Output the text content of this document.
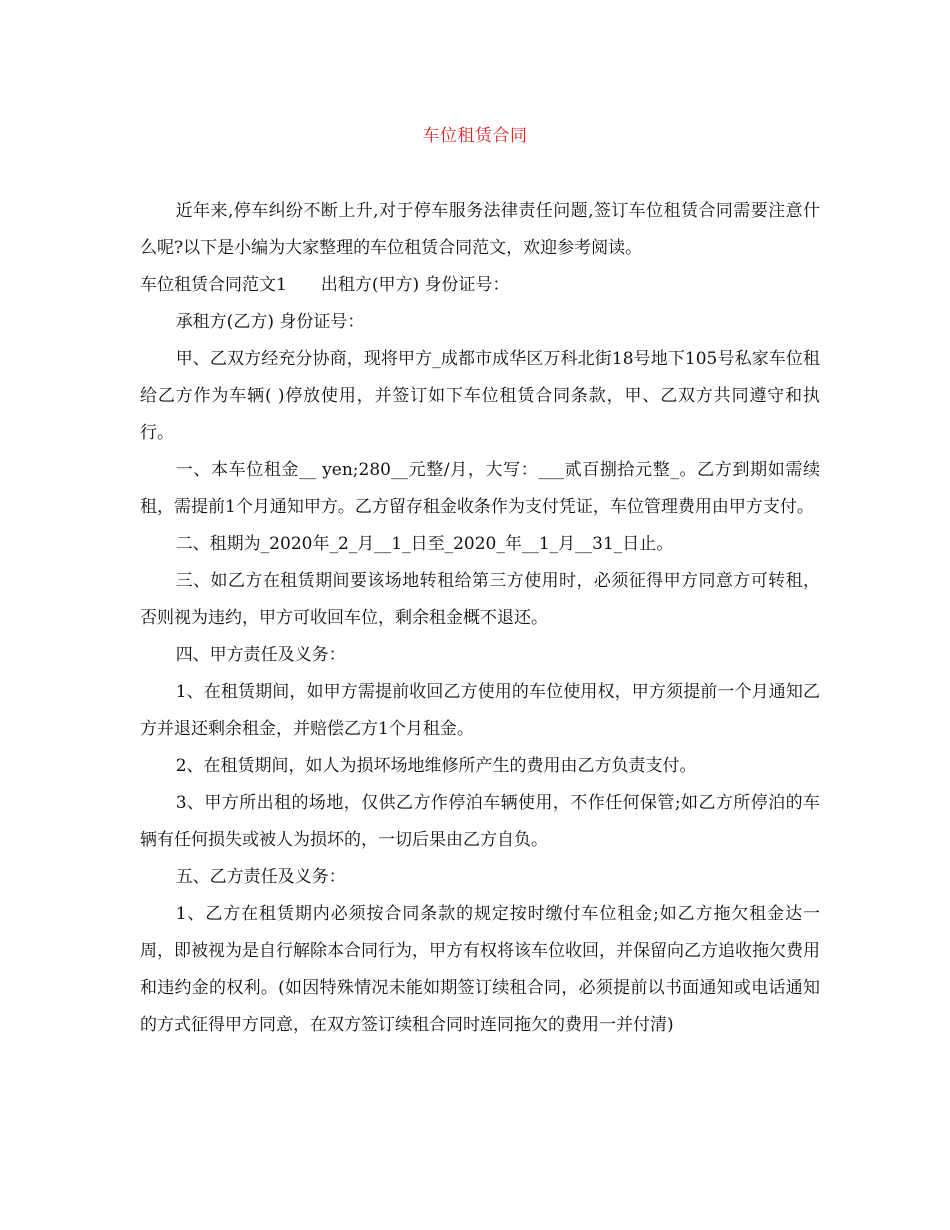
车位租赁合同

近年来,停车纠纷不断上升,对于停车服务法律责任问题,签订车位租赁合同需要注意什么呢?以下是小编为大家整理的车位租赁合同范文，欢迎参考阅读。

车位租赁合同范文1　　出租方(甲方) 身份证号：

承租方(乙方) 身份证号：

甲、乙双方经充分协商，现将甲方_成都市成华区万科北街18号地下105号私家车位租给乙方作为车辆( )停放使用，并签订如下车位租赁合同条款，甲、乙双方共同遵守和执行。

一、本车位租金__ yen;280__元整/月，大写：___贰百捌拾元整_。乙方到期如需续租，需提前1个月通知甲方。乙方留存租金收条作为支付凭证，车位管理费用由甲方支付。

二、租期为_2020年_2_月__1_日至_2020_年__1_月__31_日止。

三、如乙方在租赁期间要该场地转租给第三方使用时，必须征得甲方同意方可转租，否则视为违约，甲方可收回车位，剩余租金概不退还。

四、甲方责任及义务：

1、在租赁期间，如甲方需提前收回乙方使用的车位使用权，甲方须提前一个月通知乙方并退还剩余租金，并赔偿乙方1个月租金。

2、在租赁期间，如人为损坏场地维修所产生的费用由乙方负责支付。

3、甲方所出租的场地，仅供乙方作停泊车辆使用，不作任何保管;如乙方所停泊的车辆有任何损失或被人为损坏的，一切后果由乙方自负。

五、乙方责任及义务：

1、乙方在租赁期内必须按合同条款的规定按时缴付车位租金;如乙方拖欠租金达一周，即被视为是自行解除本合同行为，甲方有权将该车位收回，并保留向乙方追收拖欠费用和违约金的权利。(如因特殊情况未能如期签订续租合同，必须提前以书面通知或电话通知的方式征得甲方同意，在双方签订续租合同时连同拖欠的费用一并付清)
